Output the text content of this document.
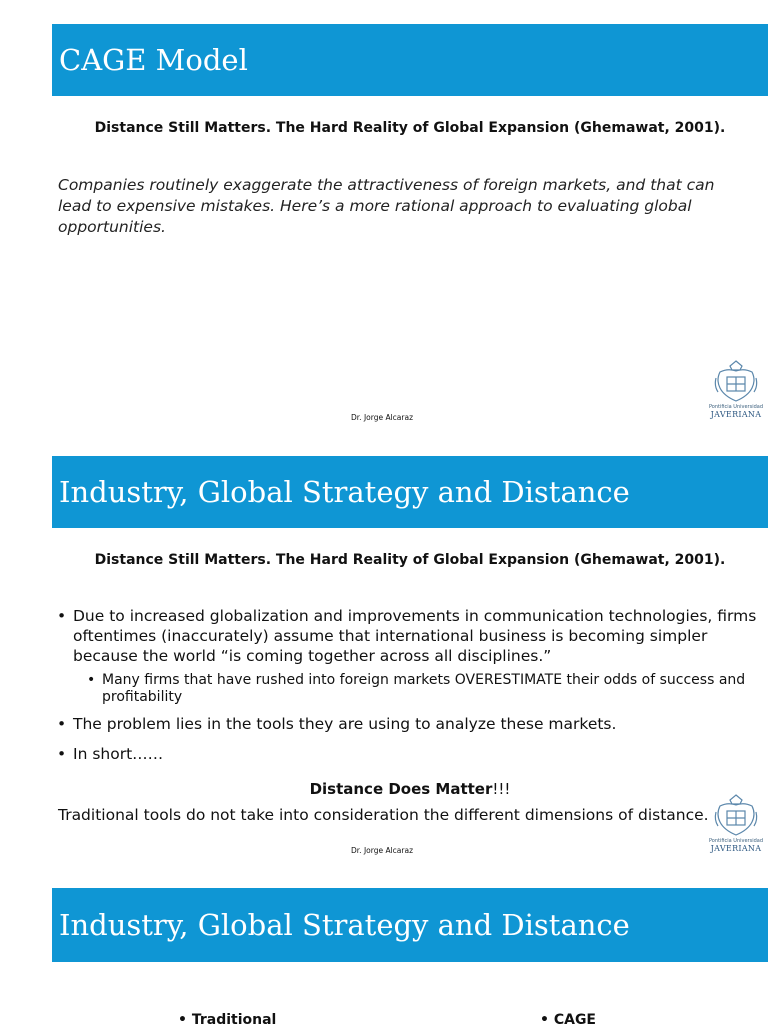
CAGE Model
Distance Still Matters. The Hard Reality of Global Expansion (Ghemawat, 2001).
Companies routinely exaggerate the attractiveness of foreign markets, and that can lead to expensive mistakes. Here’s a more rational approach to evaluating global opportunities.
Dr. Jorge Alcaraz
Pontificia Universidad
JAVERIANA
Industry, Global Strategy and Distance
Distance Still Matters. The Hard Reality of Global Expansion (Ghemawat, 2001).
• Due to increased globalization and improvements in communication technologies, firms oftentimes (inaccurately) assume that international business is becoming simpler because the world “is coming together across all disciplines.”
• Many firms that have rushed into foreign markets OVERESTIMATE their odds of success and profitability
• The problem lies in the tools they are using to analyze these markets.
• In short……
Distance Does Matter!!!
Traditional tools do not take into consideration the different dimensions of distance.
Dr. Jorge Alcaraz
Pontificia Universidad
JAVERIANA
Industry, Global Strategy and Distance
• Traditional	• CAGE
